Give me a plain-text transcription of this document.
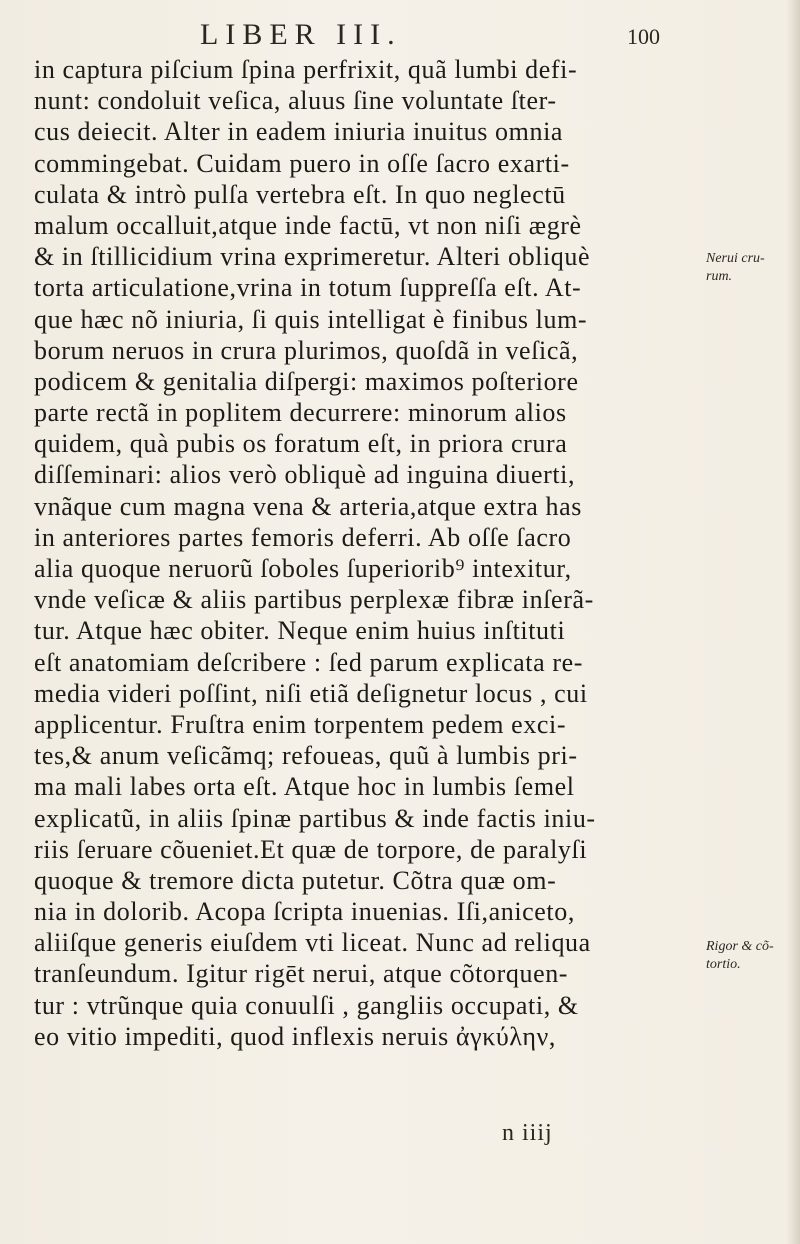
LIBER III.	100
in captura piſcium ſpina perfrixit, quã lumbi defi-
nunt: condoluit veſica, aluus ſine voluntate ſter-
cus deiecit. Alter in eadem iniuria inuitus omnia
commingebat. Cuidam puero in oſſe ſacro exarti-
culata & intrò pulſa vertebra eſt. In quo neglectū
malum occalluit,atque inde factū, vt non niſi ægrè
& in ſtillicidium vrina exprimeretur. Alteri obliquè
torta articulatione,vrina in totum ſuppreſſa eſt. At-
que hæc nõ iniuria, ſi quis intelligat è finibus lum-
borum neruos in crura plurimos, quoſdã in veſicã,
podicem & genitalia diſpergi: maximos poſteriore
parte rectã in poplitem decurrere: minorum alios
quidem, quà pubis os foratum eſt, in priora crura
diſſeminari: alios verò obliquè ad inguina diuerti,
vnãque cum magna vena & arteria,atque extra has
in anteriores partes femoris deferri. Ab oſſe ſacro
alia quoque neruorũ ſoboles ſuperiorib⁹ intexitur,
vnde veſicæ & aliis partibus perplexæ fibræ inſerã-
tur. Atque hæc obiter. Neque enim huius inſtituti
eſt anatomiam deſcribere : ſed parum explicata re-
media videri poſſint, niſi etiã deſignetur locus , cui
applicentur. Fruſtra enim torpentem pedem exci-
tes,& anum veſicãmq; refoueas, quũ à lumbis pri-
ma mali labes orta eſt. Atque hoc in lumbis ſemel
explicatũ, in aliis ſpinæ partibus & inde factis iniu-
riis ſeruare cõueniet.Et quæ de torpore, de paralyſi
quoque & tremore dicta putetur. Cõtra quæ om-
nia in dolorib. Acopa ſcripta inuenias. Iſi,aniceto,
aliiſque generis eiuſdem vti liceat. Nunc ad reliqua
tranſeundum. Igitur rigēt nerui, atque cõtorquen-
tur : vtrũnque quia conuulſi , gangliis occupati, &
eo vitio impediti, quod inflexis neruis ἀγκύλην,
n iiij
Nerui cru-
rum.
Rigor & cõ-
tortio.
